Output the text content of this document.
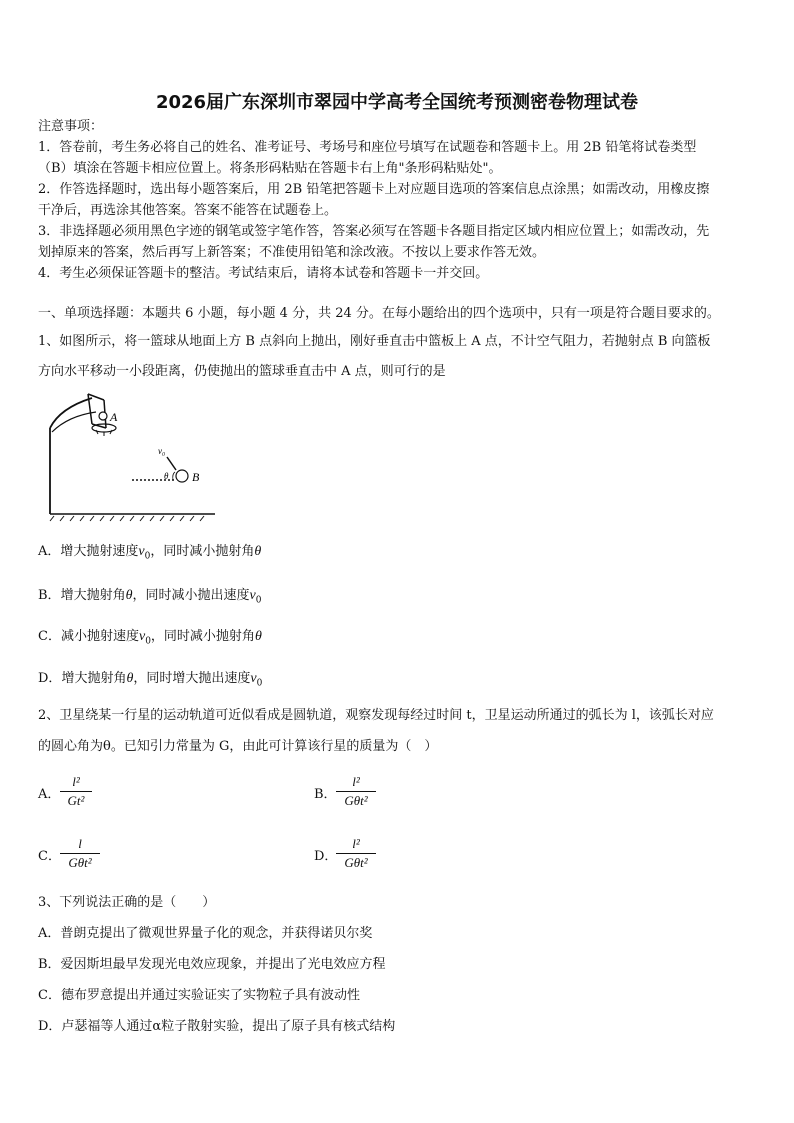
2026届广东深圳市翠园中学高考全国统考预测密卷物理试卷
注意事项：
1．答卷前，考生务必将自己的姓名、准考证号、考场号和座位号填写在试题卷和答题卡上。用 2B 铅笔将试卷类型
（B）填涂在答题卡相应位置上。将条形码粘贴在答题卡右上角"条形码粘贴处"。
2．作答选择题时，选出每小题答案后，用 2B 铅笔把答题卡上对应题目选项的答案信息点涂黑；如需改动，用橡皮擦
干净后，再选涂其他答案。答案不能答在试题卷上。
3．非选择题必须用黑色字迹的钢笔或签字笔作答，答案必须写在答题卡各题目指定区域内相应位置上；如需改动，先
划掉原来的答案，然后再写上新答案；不准使用铅笔和涂改液。不按以上要求作答无效。
4．考生必须保证答题卡的整洁。考试结束后，请将本试卷和答题卡一并交回。
一、单项选择题：本题共 6 小题，每小题 4 分，共 24 分。在每小题给出的四个选项中，只有一项是符合题目要求的。
1、如图所示，将一篮球从地面上方 B 点斜向上抛出，刚好垂直击中篮板上 A 点，不计空气阻力，若抛射点 B 向篮板
方向水平移动一小段距离，仍使抛出的篮球垂直击中 A 点，则可行的是
A
v₀
θ B
A．增大抛射速度$v_0$，同时减小抛射角θ
B．增大抛射角θ，同时减小抛出速度$v_0$
C．减小抛射速度$v_0$，同时减小抛射角θ
D．增大抛射角θ，同时增大抛出速度$v_0$
2、卫星绕某一行星的运动轨道可近似看成是圆轨道，观察发现每经过时间 t，卫星运动所通过的弧长为 l，该弧长对应
的圆心角为θ。已知引力常量为 G，由此可计算该行星的质量为（　）
A．
l²
Gt²	B．
l²
Gθt²
C．
l
Gθt²	D．
l²
Gθt²
3、下列说法正确的是（　　）
A．普朗克提出了微观世界量子化的观念，并获得诺贝尔奖
B．爱因斯坦最早发现光电效应现象，并提出了光电效应方程
C．德布罗意提出并通过实验证实了实物粒子具有波动性
D．卢瑟福等人通过α粒子散射实验，提出了原子具有核式结构
